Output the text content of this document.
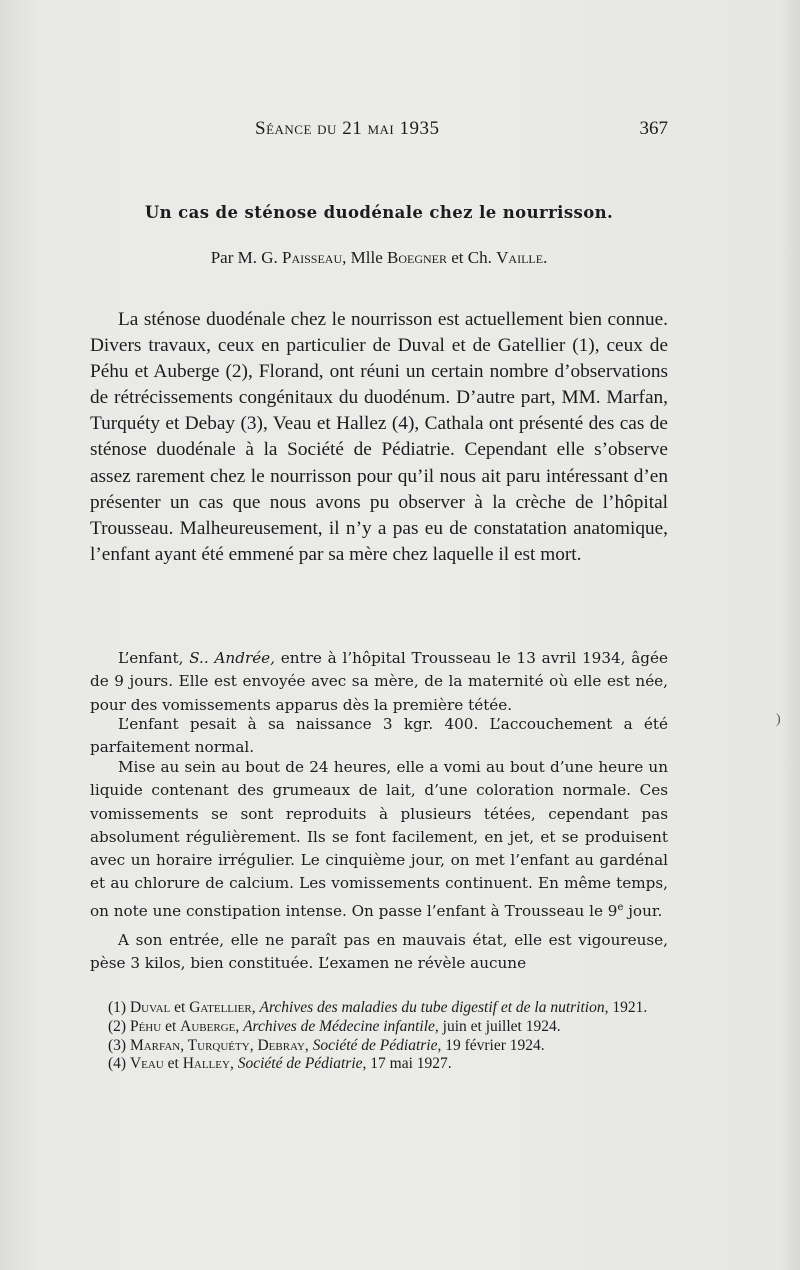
Séance du 21 mai 1935	367
Un cas de sténose duodénale chez le nourrisson.
Par M. G. Paisseau, Mlle Boegner et Ch. Vaille.

La sténose duodénale chez le nourrisson est actuellement bien connue. Divers travaux, ceux en particulier de Duval et de Gatellier (1), ceux de Péhu et Auberge (2), Florand, ont réuni un certain nombre d’observations de rétrécissements congénitaux du duodénum. D’autre part, MM. Marfan, Turquéty et Debay (3), Veau et Hallez (4), Cathala ont présenté des cas de sténose duodénale à la Société de Pédiatrie. Cependant elle s’observe assez rarement chez le nourrisson pour qu’il nous ait paru intéressant d’en présenter un cas que nous avons pu observer à la crèche de l’hôpital Trousseau. Malheureusement, il n’y a pas eu de constatation anatomique, l’enfant ayant été emmené par sa mère chez laquelle il est mort.

L’enfant, S.. Andrée, entre à l’hôpital Trousseau le 13 avril 1934, âgée de 9 jours. Elle est envoyée avec sa mère, de la maternité où elle est née, pour des vomissements apparus dès la première tétée.

L’enfant pesait à sa naissance 3 kgr. 400. L’accouchement a été parfaitement normal.

Mise au sein au bout de 24 heures, elle a vomi au bout d’une heure un liquide contenant des grumeaux de lait, d’une coloration normale. Ces vomissements se sont reproduits à plusieurs tétées, cependant pas absolument régulièrement. Ils se font facilement, en jet, et se produisent avec un horaire irrégulier. Le cinquième jour, on met l’enfant au gardénal et au chlorure de calcium. Les vomissements continuent. En même temps, on note une constipation intense. On passe l’enfant à Trousseau le 9e jour.

A son entrée, elle ne paraît pas en mauvais état, elle est vigoureuse, pèse 3 kilos, bien constituée. L’examen ne révèle aucune

(1) Duval et Gatellier, Archives des maladies du tube digestif et de la nutrition, 1921.

(2) Péhu et Auberge, Archives de Médecine infantile, juin et juillet 1924.

(3) Marfan, Turquéty, Debray, Société de Pédiatrie, 19 février 1924.

(4) Veau et Halley, Société de Pédiatrie, 17 mai 1927.

)
